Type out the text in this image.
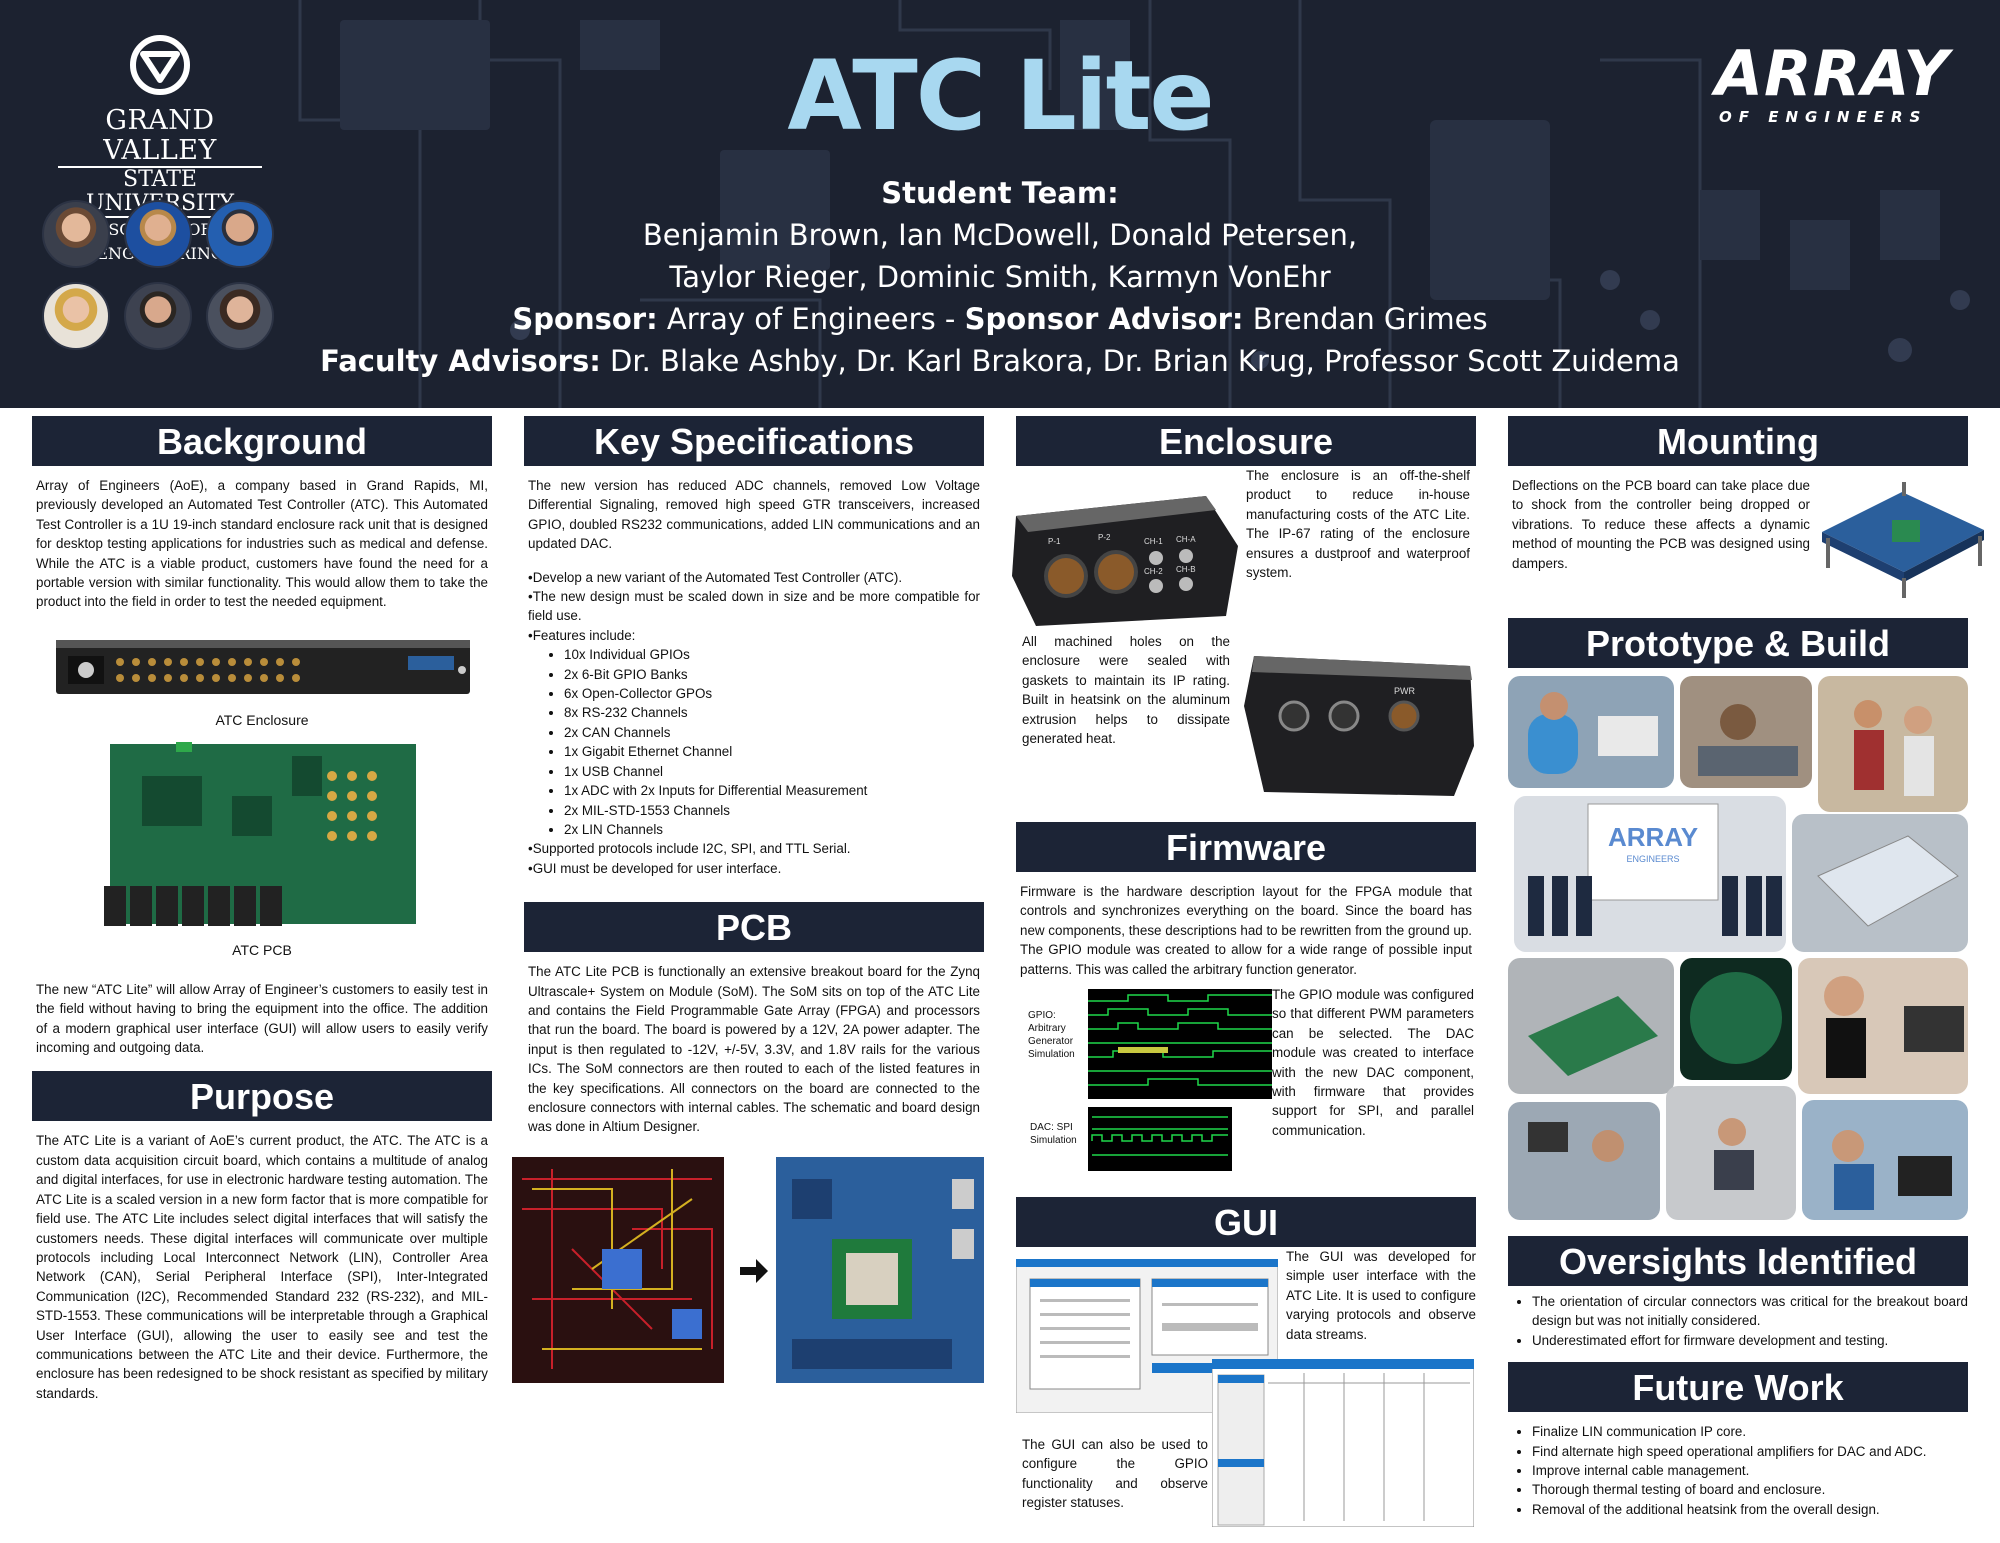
GRAND VALLEY
STATE
OF
ATC Lite
Student Team:
Benjamin Brown, Ian McDowell, Donald Petersen,
Taylor Rieger, Dominic Smith, Karmyn VonEhr
Sponsor: Array of Engineers - Sponsor Advisor: Brendan Grimes
Faculty Advisors: Dr. Blake Ashby, Dr. Karl Brakora, Dr. Brian Krug, Professor Scott Zuidema
ARRAY
OF ENGINEERS
Background

Array of Engineers (AoE), a company based in Grand Rapids, MI, previously developed an Automated Test Controller (ATC). This Automated Test Controller is a 1U 19-inch standard enclosure rack unit that is designed for desktop testing applications for industries such as medical and defense. While the ATC is a viable product, customers have found the need for a portable version with similar functionality. This would allow them to take the product into the field in order to test the needed equipment.

ATC Enclosure
ATC PCB

The new “ATC Lite” will allow Array of Engineer’s customers to easily test in the field without having to bring the equipment into the office. The addition of a modern graphical user interface (GUI) will allow users to easily verify incoming and outgoing data.

Purpose

The ATC Lite is a variant of AoE’s current product, the ATC. The ATC is a custom data acquisition circuit board, which contains a multitude of analog and digital interfaces, for use in electronic hardware testing automation. The ATC Lite is a scaled version in a new form factor that is more compatible for field use. The ATC Lite includes select digital interfaces that will satisfy the customers needs. These digital interfaces will communicate over multiple protocols including Local Interconnect Network (LIN), Controller Area Network (CAN), Serial Peripheral Interface (SPI), Inter-Integrated Communication (I2C), Recommended Standard 232 (RS-232), and MIL-STD-1553. These communications will be interpretable through a Graphical User Interface (GUI), allowing the user to easily see and test the communications between the ATC Lite and their device. Furthermore, the enclosure has been redesigned to be shock resistant as specified by military standards.

Key Specifications

The new version has reduced ADC channels, removed Low Voltage Differential Signaling, removed high speed GTR transceivers, increased GPIO, doubled RS232 communications, added LIN communications and an updated DAC.

•Develop a new variant of the Automated Test Controller (ATC).
•The new design must be scaled down in size and be more compatible for field use.
•Features include:
• 10x Individual GPIOs
• 2x 6-Bit GPIO Banks
• 6x Open-Collector GPOs
• 8x RS-232 Channels
• 2x CAN Channels
• 1x Gigabit Ethernet Channel
• 1x USB Channel
• 1x ADC with 2x Inputs for Differential Measurement
• 2x MIL-STD-1553 Channels
• 2x LIN Channels
•Supported protocols include I2C, SPI, and TTL Serial.
•GUI must be developed for user interface.
PCB

The ATC Lite PCB is functionally an extensive breakout board for the Zynq Ultrascale+ System on Module (SoM). The SoM sits on top of the ATC Lite and contains the Field Programmable Gate Array (FPGA) and processors that run the board. The board is powered by a 12V, 2A power adapter. The input is then regulated to -12V, +/-5V, 3.3V, and 1.8V rails for the various ICs. The SoM connectors are then routed to each of the listed features in the key specifications. All connectors on the board are connected to the enclosure connectors with internal cables. The schematic and board design was done in Altium Designer.

Enclosure
P-1	P-2	CH-1 CH-A
CH-2 CH-B

The enclosure is an off-the-shelf product to reduce in-house manufacturing costs of the ATC Lite. The IP-67 rating of the enclosure ensures a dustproof and waterproof system.

All machined holes on the enclosure were sealed with gaskets to maintain its IP rating. Built in heatsink on the aluminum extrusion helps to dissipate generated heat.

PWR
Firmware

Firmware is the hardware description layout for the FPGA module that controls and synchronizes everything on the board. Since the board has new components, these descriptions had to be rewritten from the ground up. The GPIO module was created to allow for a wide range of possible input patterns. This was called the arbitrary function generator.

GPIO:
Arbitrary
Generator
Simulation
DAC: SPI
Simulation

The GPIO module was configured so that different PWM parameters can be selected. The DAC module was created to interface with the new DAC component, with firmware that provides support for SPI, and parallel communication.

GUI

The GUI was developed for simple user interface with the ATC Lite. It is used to configure varying protocols and observe data streams.

The GUI can also be used to configure the GPIO functionality and observe register statuses.

Mounting

Deflections on the PCB board can take place due to shock from the controller being dropped or vibrations. To reduce these affects a dynamic method of mounting the PCB was designed using dampers.

Prototype & Build
ARRAY
ENGINEERS
Oversights Identified
• The orientation of circular connectors was critical for the breakout board design but was not initially considered.
• Underestimated effort for firmware development and testing.
Future Work
• Finalize LIN communication IP core.
• Find alternate high speed operational amplifiers for DAC and ADC.
• Improve internal cable management.
• Thorough thermal testing of board and enclosure.
• Removal of the additional heatsink from the overall design.
